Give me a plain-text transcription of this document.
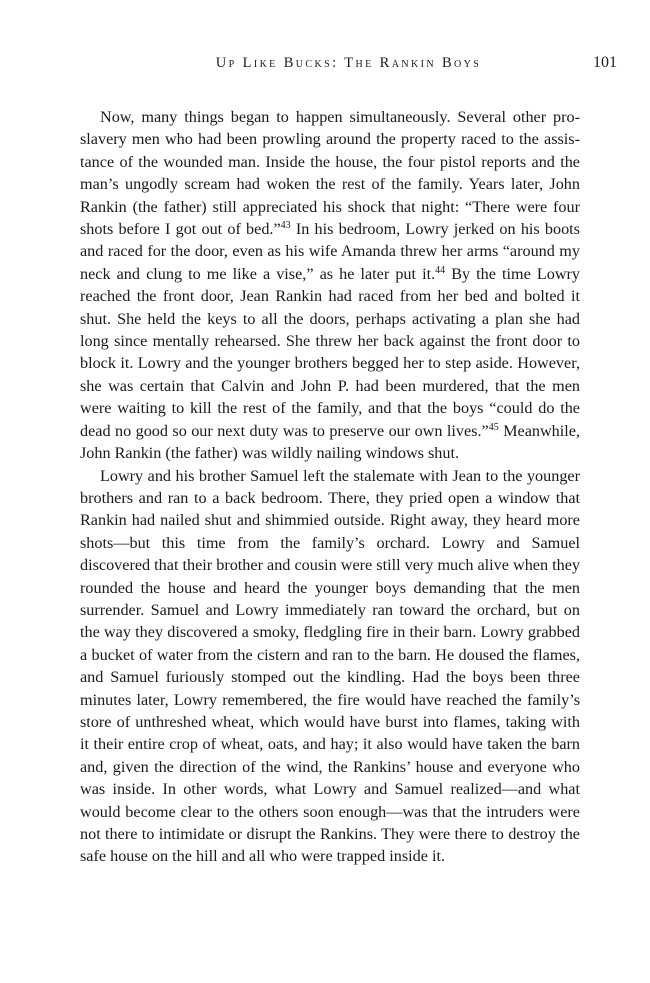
Up Like Bucks: The Rankin Boys	101

Now, many things began to happen simultaneously. Several other proslavery men who had been prowling around the property raced to the assistance of the wounded man. Inside the house, the four pistol reports and the man’s ungodly scream had woken the rest of the family. Years later, John Rankin (the father) still appreciated his shock that night: “There were four shots before I got out of bed.”$^{43}$ In his bedroom, Lowry jerked on his boots and raced for the door, even as his wife Amanda threw her arms “around my neck and clung to me like a vise,” as he later put it.$^{44}$ By the time Lowry reached the front door, Jean Rankin had raced from her bed and bolted it shut. She held the keys to all the doors, perhaps activating a plan she had long since mentally rehearsed. She threw her back against the front door to block it. Lowry and the younger brothers begged her to step aside. However, she was certain that Calvin and John P. had been murdered, that the men were waiting to kill the rest of the family, and that the boys “could do the dead no good so our next duty was to preserve our own lives.”$^{45}$ Meanwhile, John Rankin (the father) was wildly nailing windows shut.

Lowry and his brother Samuel left the stalemate with Jean to the younger brothers and ran to a back bedroom. There, they pried open a window that Rankin had nailed shut and shimmied outside. Right away, they heard more shots—but this time from the family’s orchard. Lowry and Samuel discovered that their brother and cousin were still very much alive when they rounded the house and heard the younger boys demanding that the men surrender. Samuel and Lowry immediately ran toward the orchard, but on the way they discovered a smoky, fledgling fire in their barn. Lowry grabbed a bucket of water from the cistern and ran to the barn. He doused the flames, and Samuel furiously stomped out the kindling. Had the boys been three minutes later, Lowry remembered, the fire would have reached the family’s store of unthreshed wheat, which would have burst into flames, taking with it their entire crop of wheat, oats, and hay; it also would have taken the barn and, given the direction of the wind, the Rankins’ house and everyone who was inside. In other words, what Lowry and Samuel realized—and what would become clear to the others soon enough—was that the intruders were not there to intimidate or disrupt the Rankins. They were there to destroy the safe house on the hill and all who were trapped inside it.
